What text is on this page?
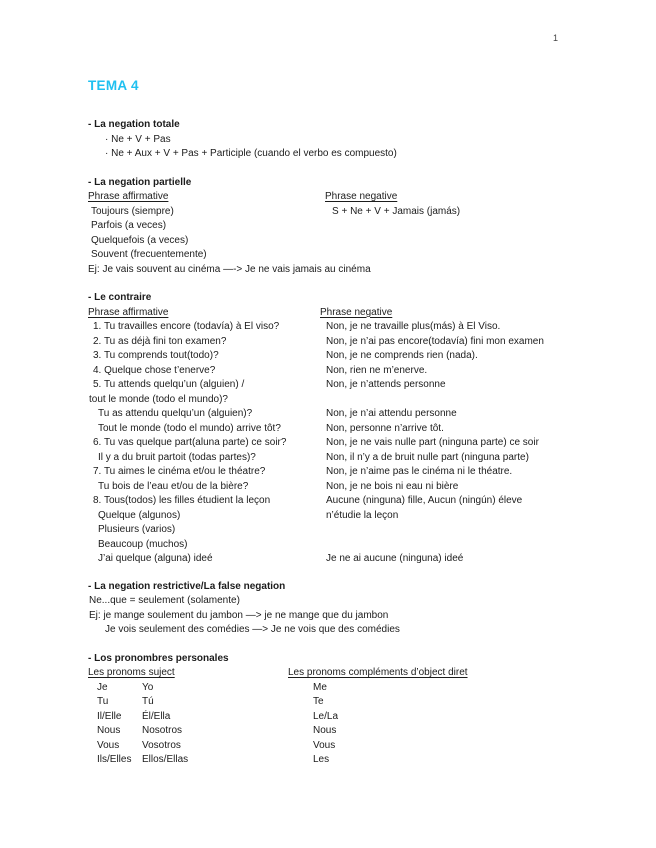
1
TEMA 4
- La negation totale
· Ne + V + Pas
· Ne + Aux + V + Pas + Participle (cuando el verbo es compuesto)
- La negation partielle
Phrase affirmative	Phrase negative
Toujours (siempre)	S + Ne + V + Jamais (jamás)
Parfois (a veces)
Quelquefois (a veces)
Souvent (frecuentemente)
Ej: Je vais souvent au cinéma —-> Je ne vais jamais au cinéma
- Le contraire
Phrase affirmative	Phrase negative
1. Tu travailles encore (todavía) à El viso?	Non, je ne travaille plus(más) à El Viso.
2. Tu as déjà fini ton examen?	Non, je n’ai pas encore(todavía) fini mon examen
3. Tu comprends tout(todo)?	Non, je ne comprends rien (nada).
4. Quelque chose t’enerve?	Non, rien ne m’enerve.
5. Tu attends quelqu’un (alguien) /	Non, je n’attends personne
tout le monde (todo el mundo)?
Tu as attendu quelqu’un (alguien)?	Non, je n’ai attendu personne
Tout le monde (todo el mundo) arrive tôt?	Non, personne n’arrive tôt.
6. Tu vas quelque part(aluna parte) ce soir?	Non, je ne vais nulle part (ninguna parte) ce soir
Il y a du bruit partoit (todas partes)?	Non, il n’y a de bruit nulle part (ninguna parte)
7. Tu aimes le cinéma et/ou le théatre?	Non, je n’aime pas le cinéma ni le théatre.
Tu bois de l’eau et/ou de la bière?	Non, je ne bois ni eau ni bière
8. Tous(todos) les filles étudient la leçon	Aucune (ninguna) fille, Aucun (ningún) éleve
Quelque (algunos)	n’étudie la leçon
Plusieurs (varios)
Beaucoup (muchos)
J’ai quelque (alguna) ideé	Je ne ai aucune (ninguna) ideé
- La negation restrictive/La false negation
Ne...que = seulement (solamente)
Ej: je mange soulement du jambon —> je ne mange que du jambon
Je vois seulement des comédies —> Je ne vois que des comédies
- Los pronombres personales
Les pronoms suject	Les pronoms compléments d’object diret
Je	Yo	Me
Tu	Tú	Te
Il/Elle	Él/Ella	Le/La
Nous	Nosotros	Nous
Vous	Vosotros	Vous
Ils/Elles	Ellos/Ellas	Les
